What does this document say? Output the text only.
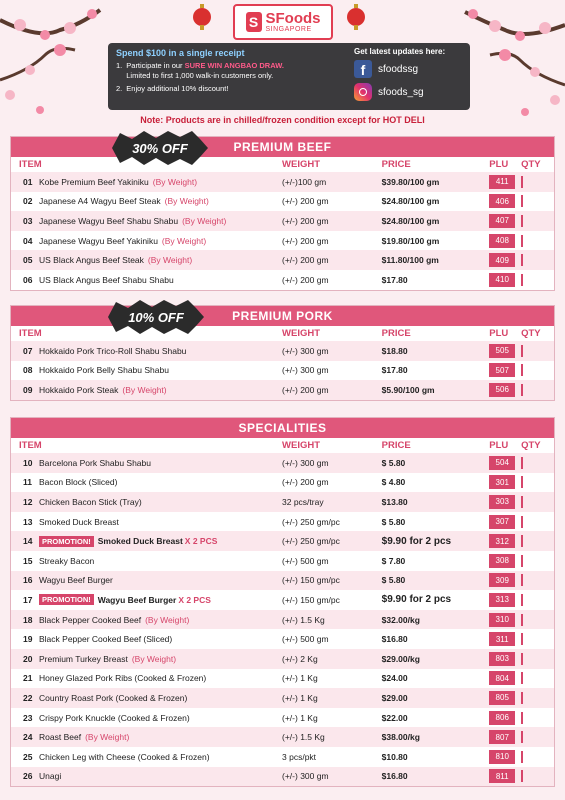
S SFoods
SINGAPORE
Spend $100 in a single receipt
1. Participate in our SURE WIN ANGBAO DRAW.
Limited to first 1,000 walk-in customers only.
2. Enjoy additional 10% discount!
Get latest updates here:
f	sfoodssg
sfoods_sg
Note: Products are in chilled/frozen condition except for HOT DELI
PREMIUM BEEF
ITEM	WEIGHT	PRICE	PLU	QTY
01 Kobe Premium Beef Yakiniku (By Weight)	(+/-)100 gm	$39.80/100 gm	411
02 Japanese A4 Wagyu Beef Steak (By Weight)	(+/-) 200 gm	$24.80/100 gm	406
03 Japanese Wagyu Beef Shabu Shabu (By Weight)	(+/-) 200 gm	$24.80/100 gm	407
04 Japanese Wagyu Beef Yakiniku (By Weight)	(+/-) 200 gm	$19.80/100 gm	408
05 US Black Angus Beef Steak (By Weight)	(+/-) 200 gm	$11.80/100 gm	409
06 US Black Angus Beef Shabu Shabu	(+/-) 200 gm	$17.80	410
30% OFF
PREMIUM PORK
ITEM	WEIGHT	PRICE	PLU	QTY
07 Hokkaido Pork Trico-Roll Shabu Shabu	(+/-) 300 gm	$18.80	505
08 Hokkaido Pork Belly Shabu Shabu	(+/-) 300 gm	$17.80	507
09 Hokkaido Pork Steak (By Weight)	(+/-) 200 gm	$5.90/100 gm	506
10% OFF
SPECIALITIES
ITEM	WEIGHT	PRICE	PLU	QTY
10 Barcelona Pork Shabu Shabu	(+/-) 300 gm	$ 5.80	504
11 Bacon Block (Sliced)	(+/-) 200 gm	$ 4.80	301
12 Chicken Bacon Stick (Tray)	32 pcs/tray	$13.80	303
13 Smoked Duck Breast	(+/-) 250 gm/pc	$ 5.80	307
14	PROMOTION! Smoked Duck Breast X 2 PCS	(+/-) 250 gm/pc	$9.90 for 2 pcs	312
15 Streaky Bacon	(+/-) 500 gm	$ 7.80	308
16 Wagyu Beef Burger	(+/-) 150 gm/pc	$ 5.80	309
17	PROMOTION! Wagyu Beef Burger X 2 PCS	(+/-) 150 gm/pc	$9.90 for 2 pcs	313
18 Black Pepper Cooked Beef (By Weight)	(+/-) 1.5 Kg	$32.00/kg	310
19 Black Pepper Cooked Beef (Sliced)	(+/-) 500 gm	$16.80	311
20 Premium Turkey Breast (By Weight)	(+/-) 2 Kg	$29.00/kg	803
21 Honey Glazed Pork Ribs (Cooked & Frozen)	(+/-) 1 Kg	$24.00	804
22 Country Roast Pork (Cooked & Frozen)	(+/-) 1 Kg	$29.00	805
23 Crispy Pork Knuckle (Cooked & Frozen)	(+/-) 1 Kg	$22.00	806
24 Roast Beef (By Weight)	(+/-) 1.5 Kg	$38.00/kg	807
25 Chicken Leg with Cheese (Cooked & Frozen)	3 pcs/pkt	$10.80	810
26 Unagi	(+/-) 300 gm	$16.80	811
